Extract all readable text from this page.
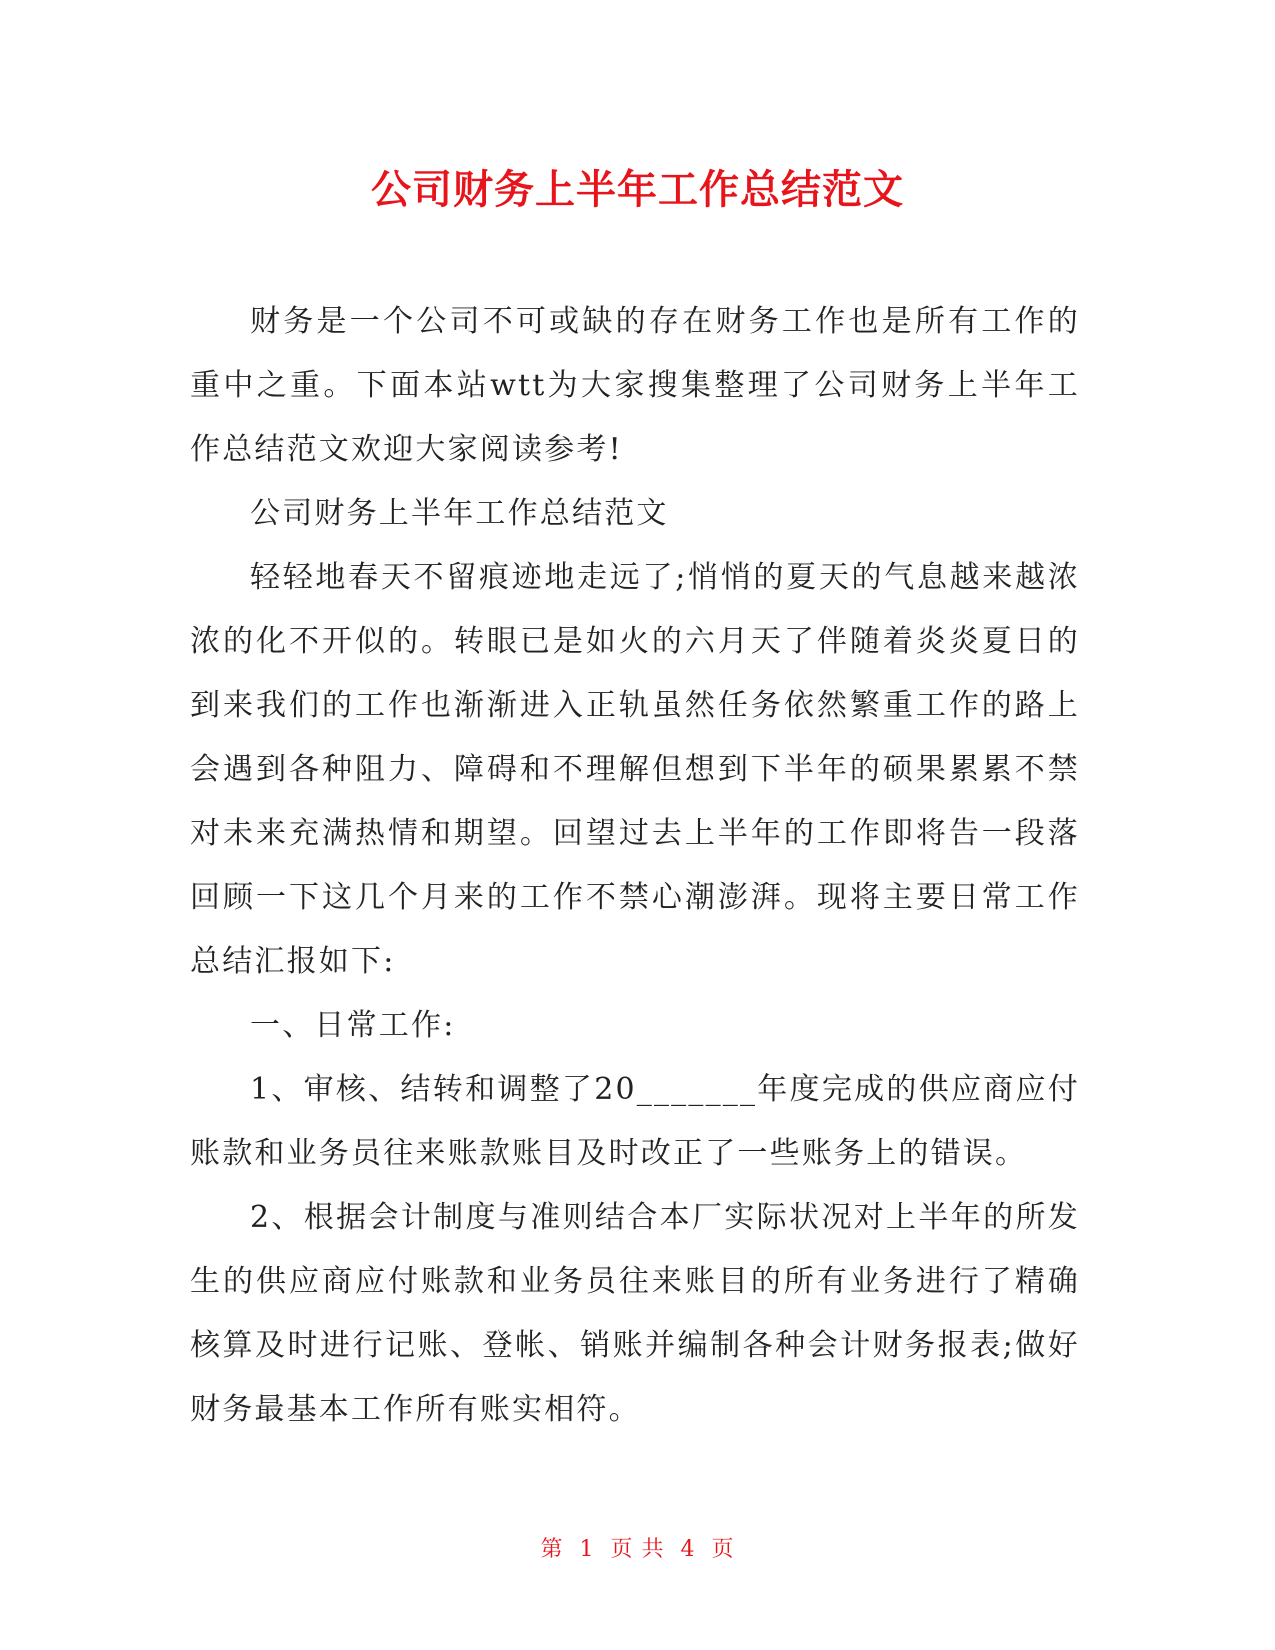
公司财务上半年工作总结范文

财务是一个公司不可或缺的存在财务工作也是所有工作的重中之重。下面本站wtt为大家搜集整理了公司财务上半年工作总结范文欢迎大家阅读参考!

公司财务上半年工作总结范文

轻轻地春天不留痕迹地走远了;悄悄的夏天的气息越来越浓浓的化不开似的。转眼已是如火的六月天了伴随着炎炎夏日的到来我们的工作也渐渐进入正轨虽然任务依然繁重工作的路上会遇到各种阻力、障碍和不理解但想到下半年的硕果累累不禁对未来充满热情和期望。回望过去上半年的工作即将告一段落回顾一下这几个月来的工作不禁心潮澎湃。现将主要日常工作总结汇报如下:

一、日常工作:

1、审核、结转和调整了20_______年度完成的供应商应付账款和业务员往来账款账目及时改正了一些账务上的错误。

2、根据会计制度与准则结合本厂实际状况对上半年的所发生的供应商应付账款和业务员往来账目的所有业务进行了精确核算及时进行记账、登帐、销账并编制各种会计财务报表;做好财务最基本工作所有账实相符。

第 1 页 共 4 页
